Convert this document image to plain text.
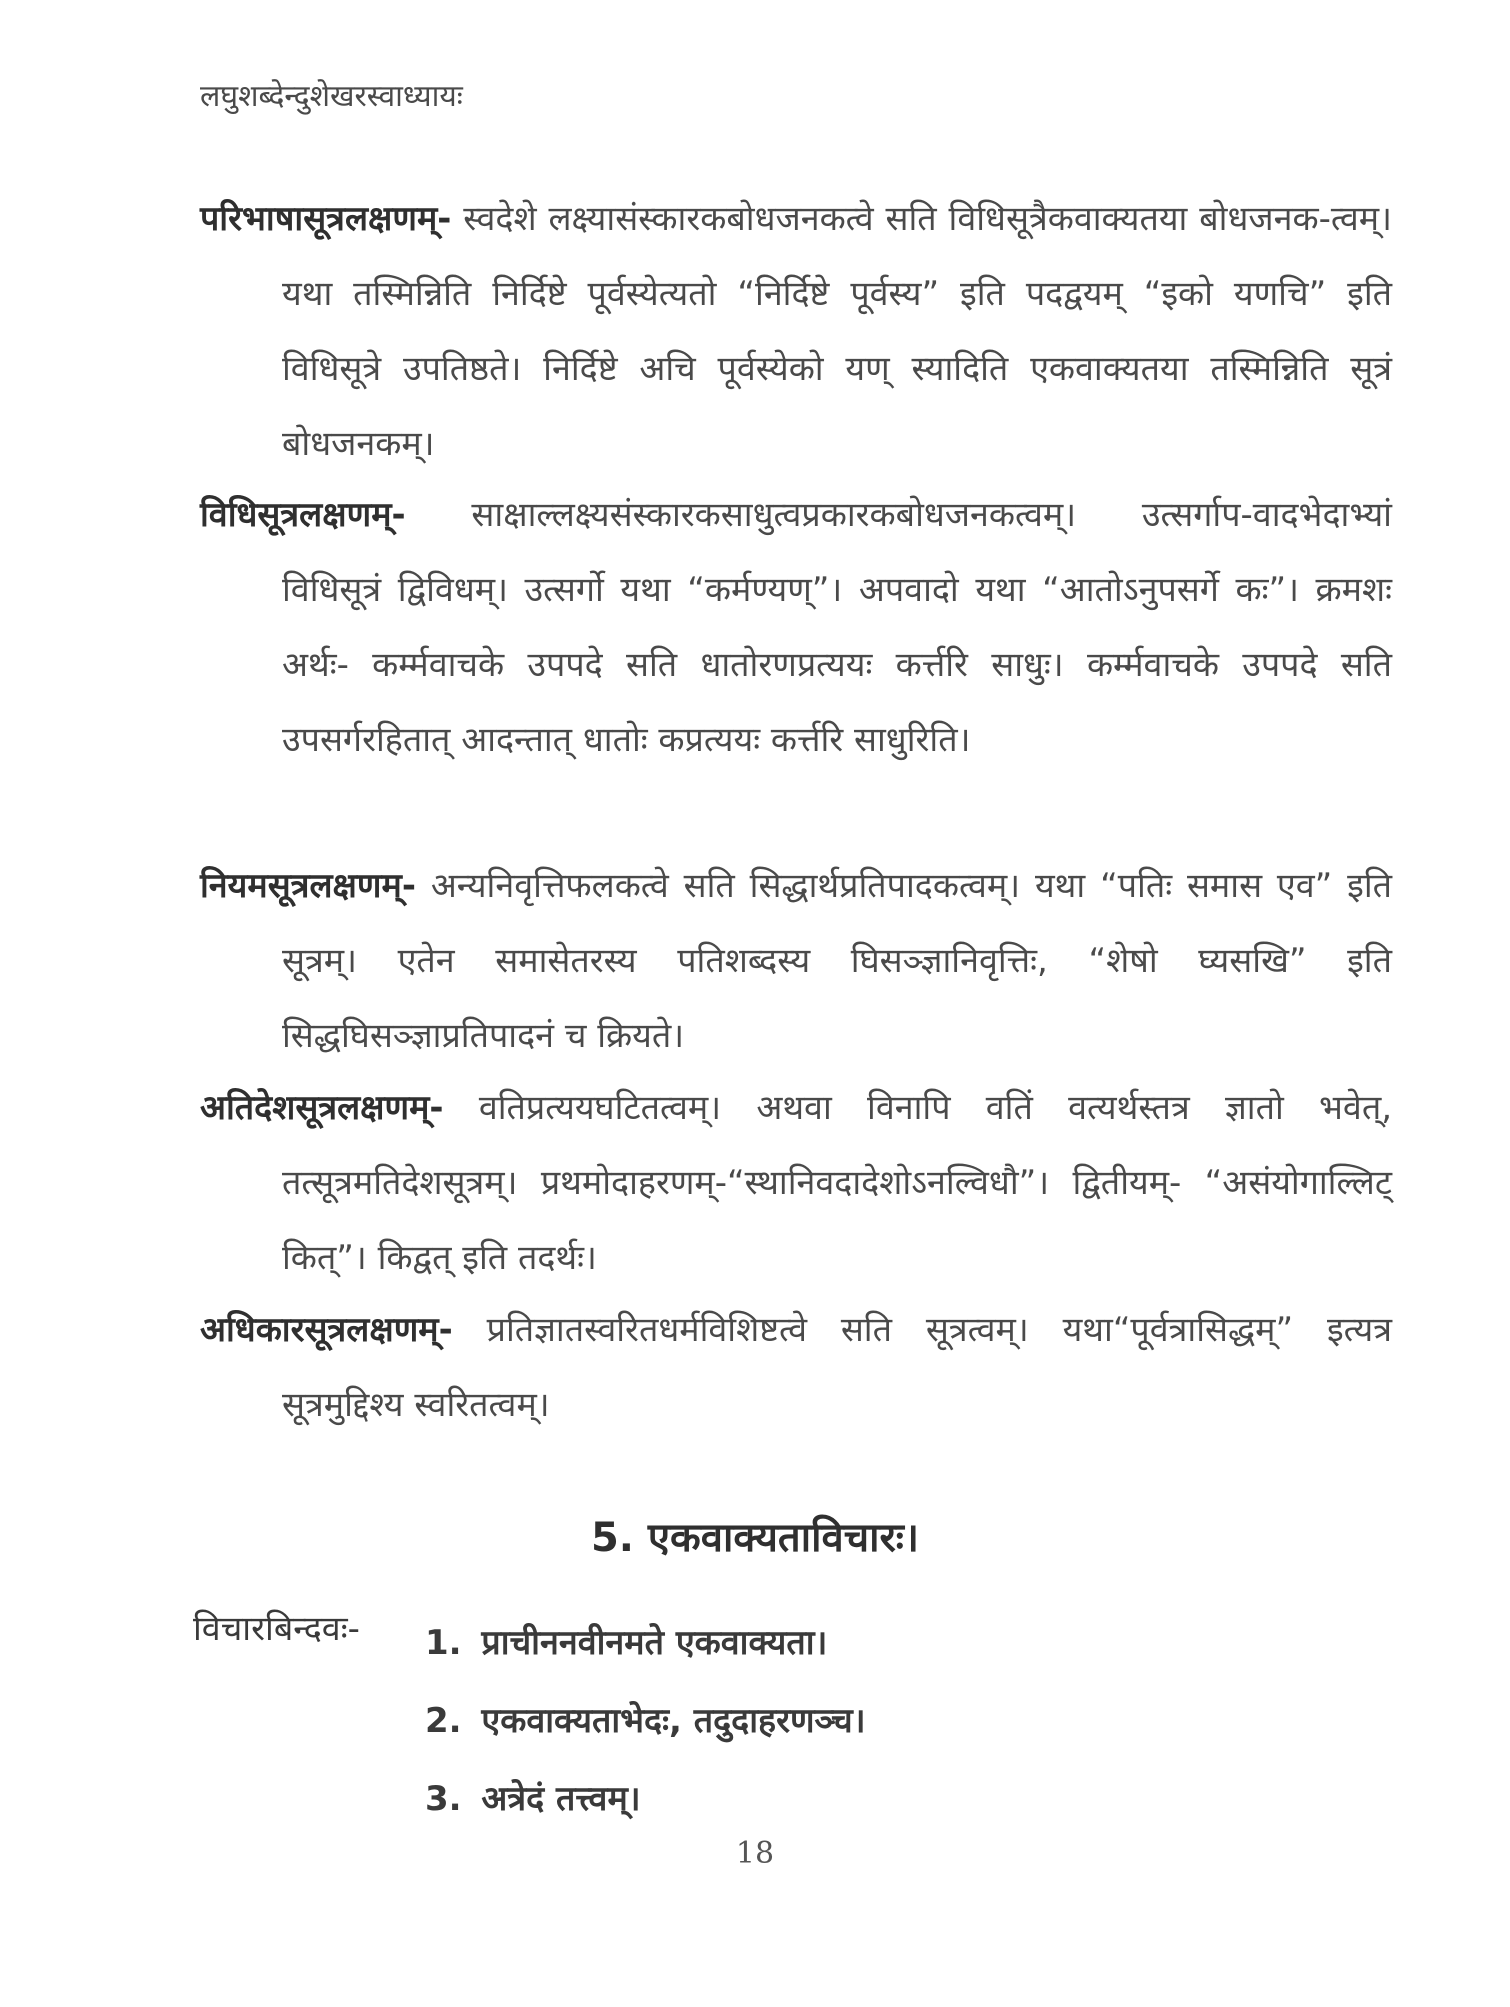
लघुशब्देन्दुशेखरस्वाध्यायः

परिभाषासूत्रलक्षणम्- स्वदेशे लक्ष्यासंस्कारकबोधजनकत्वे सति विधिसूत्रैकवाक्यतया बोधजनक-त्वम्। यथा तस्मिन्निति निर्दिष्टे पूर्वस्येत्यतो “निर्दिष्टे पूर्वस्य” इति पदद्वयम् “इको यणचि” इति विधिसूत्रे उपतिष्ठते। निर्दिष्टे अचि पूर्वस्येको यण् स्यादिति एकवाक्यतया तस्मिन्निति सूत्रं बोधजनकम्।

विधिसूत्रलक्षणम्- साक्षाल्लक्ष्यसंस्कारकसाधुत्वप्रकारकबोधजनकत्वम्। उत्सर्गाप-वादभेदाभ्यां विधिसूत्रं द्विविधम्। उत्सर्गो यथा “कर्मण्यण्”। अपवादो यथा “आतोऽनुपसर्गे कः”। क्रमशः अर्थः- कर्म्मवाचके उपपदे सति धातोरणप्रत्ययः कर्त्तरि साधुः। कर्म्मवाचके उपपदे सति उपसर्गरहितात् आदन्तात् धातोः कप्रत्ययः कर्त्तरि साधुरिति।

नियमसूत्रलक्षणम्- अन्यनिवृत्तिफलकत्वे सति सिद्धार्थप्रतिपादकत्वम्। यथा “पतिः समास एव” इति सूत्रम्। एतेन समासेतरस्य पतिशब्दस्य घिसञ्ज्ञानिवृत्तिः, “शेषो घ्यसखि” इति सिद्धघिसञ्ज्ञाप्रतिपादनं च क्रियते।

अतिदेशसूत्रलक्षणम्- वतिप्रत्ययघटितत्वम्। अथवा विनापि वतिं वत्यर्थस्तत्र ज्ञातो भवेत्, तत्सूत्रमतिदेशसूत्रम्। प्रथमोदाहरणम्-“स्थानिवदादेशोऽनल्विधौ”। द्वितीयम्- “असंयोगाल्लिट् कित्”। किद्वत् इति तदर्थः।

अधिकारसूत्रलक्षणम्- प्रतिज्ञातस्वरितधर्मविशिष्टत्वे सति सूत्रत्वम्। यथा“पूर्वत्रासिद्धम्” इत्यत्र सूत्रमुद्दिश्य स्वरितत्वम्।

5. एकवाक्यताविचारः।
विचारबिन्दवः- 1. प्राचीननवीनमते एकवाक्यता।
2. एकवाक्यताभेदः, तदुदाहरणञ्च।
3. अत्रेदं तत्त्वम्।
18
